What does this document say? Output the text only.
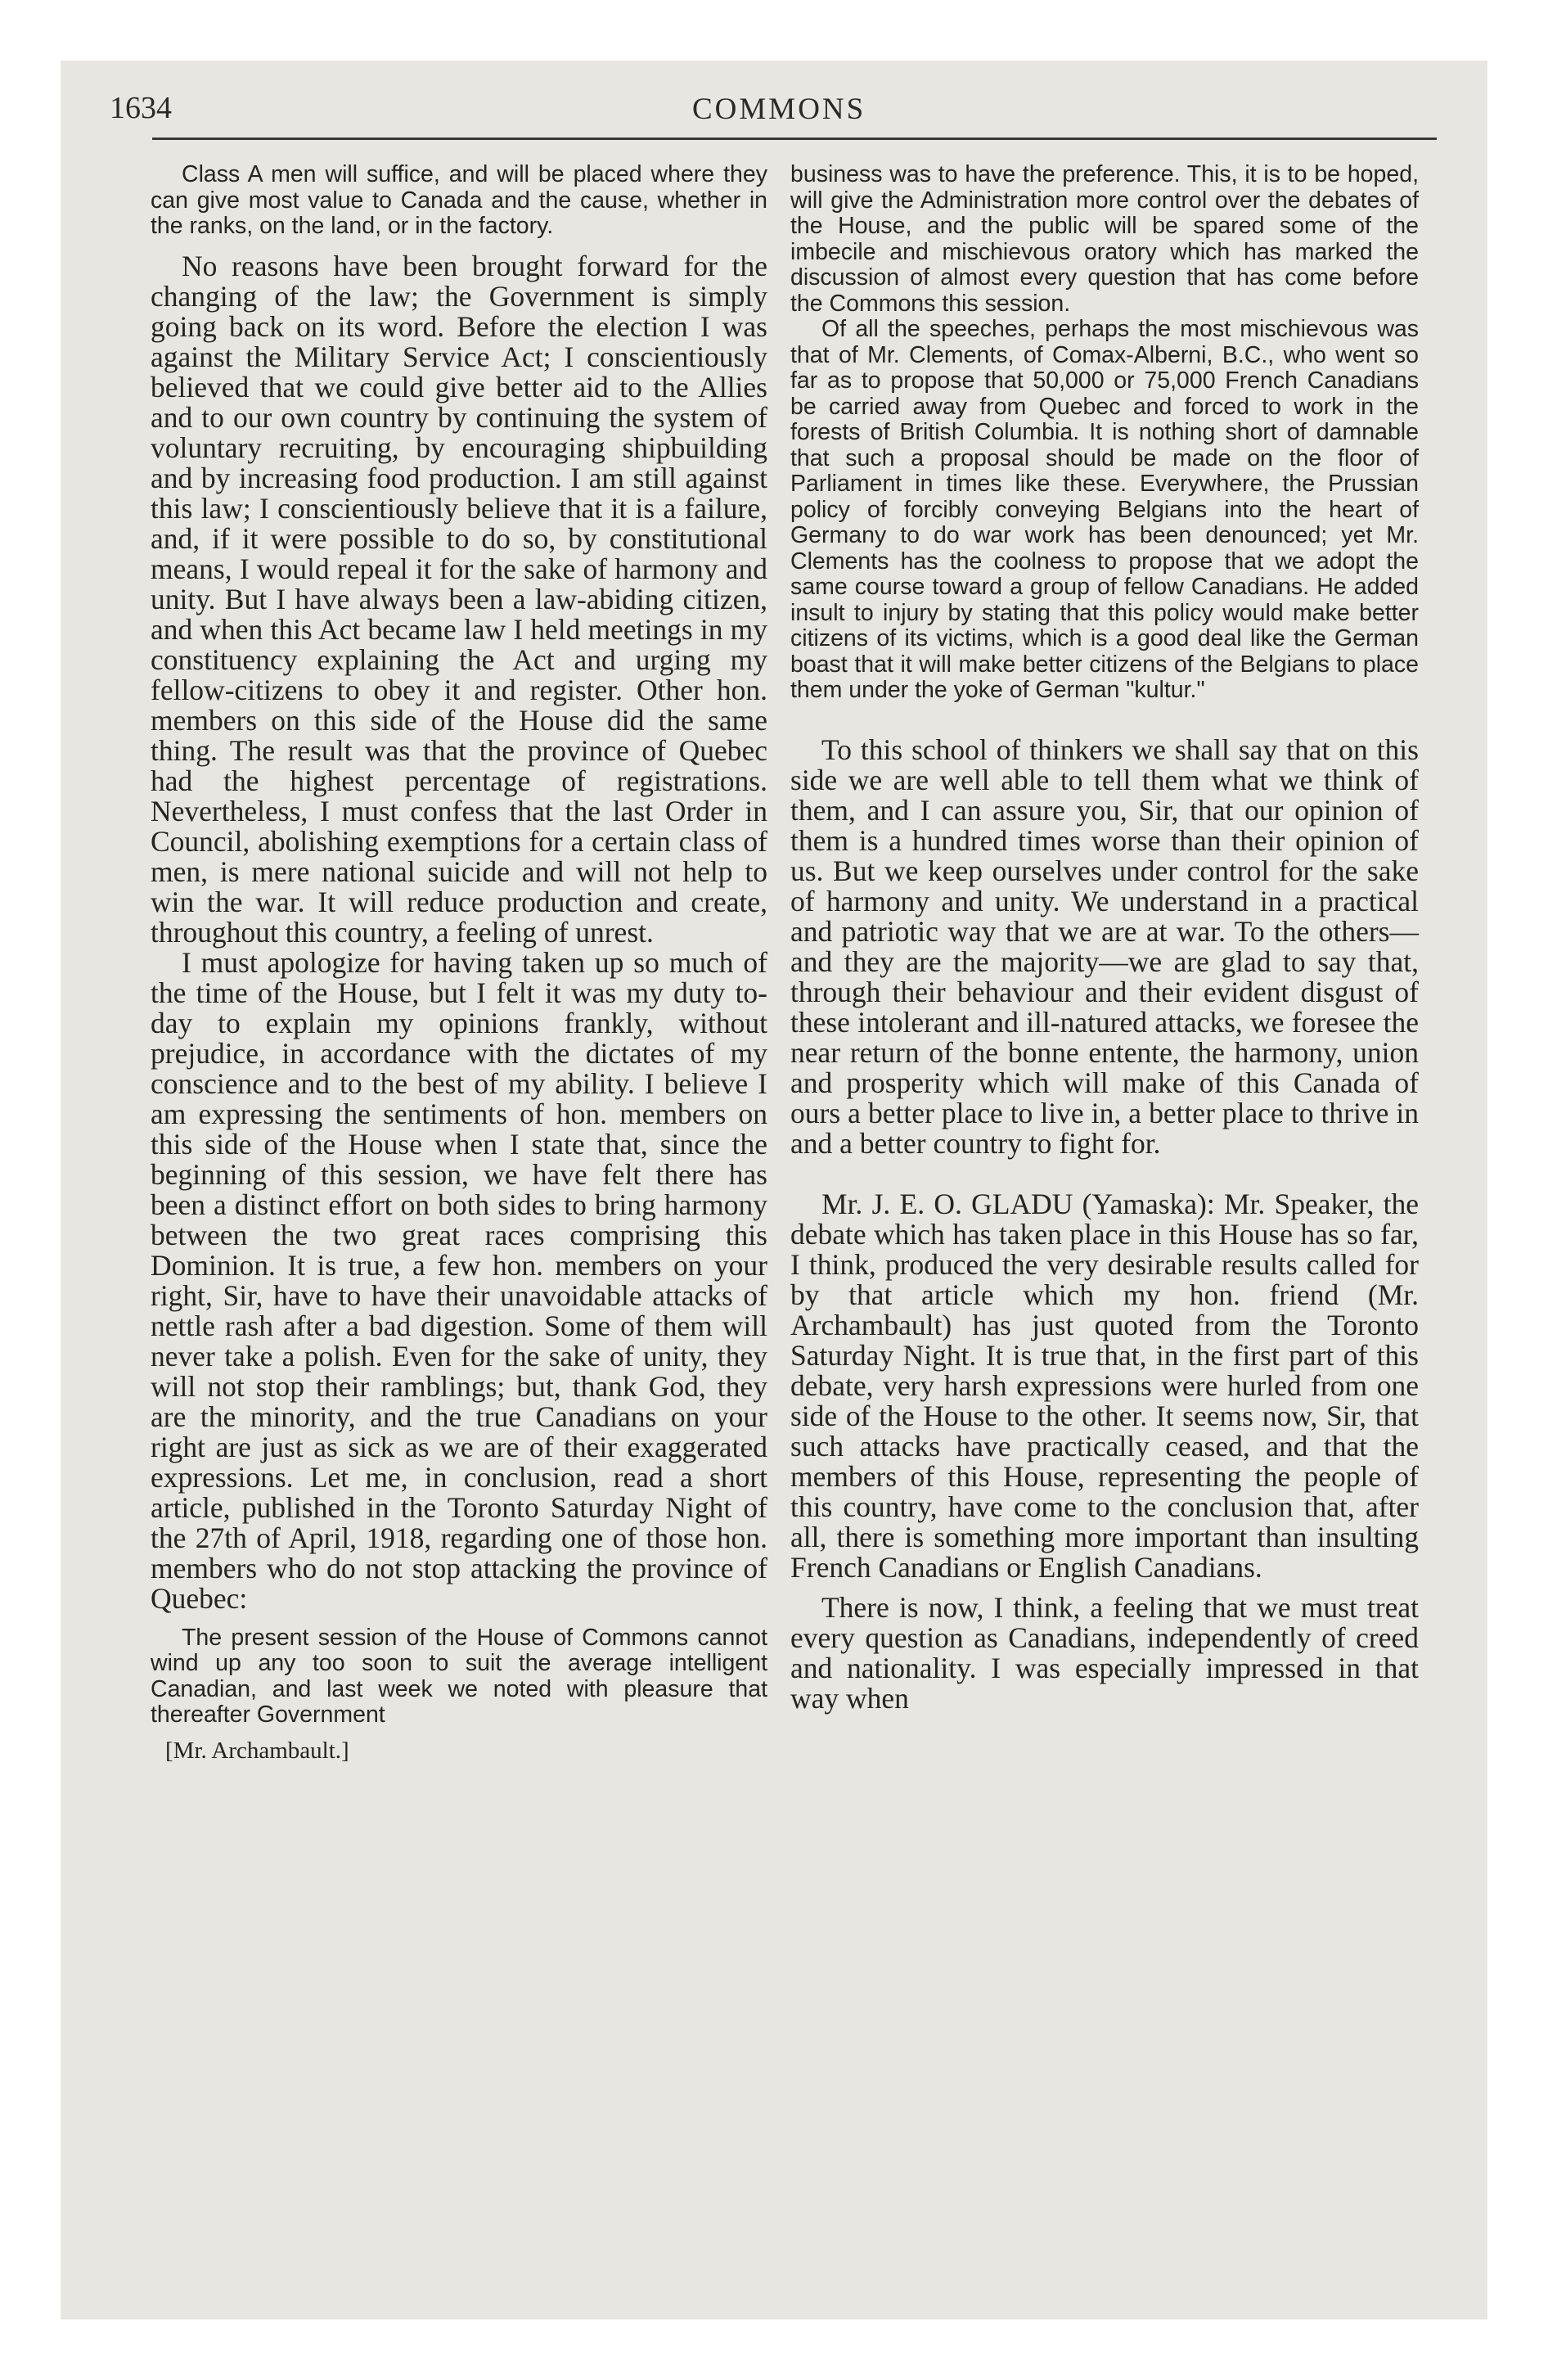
1634	COMMONS

Class A men will suffice, and will be placed where they can give most value to Canada and the cause, whether in the ranks, on the land, or in the factory.

No reasons have been brought forward for the changing of the law; the Government is simply going back on its word. Before the election I was against the Military Service Act; I conscientiously believed that we could give better aid to the Allies and to our own country by continuing the system of voluntary recruiting, by encouraging shipbuilding and by increasing food production. I am still against this law; I conscientiously believe that it is a failure, and, if it were possible to do so, by constitutional means, I would repeal it for the sake of harmony and unity. But I have always been a law-abiding citizen, and when this Act became law I held meetings in my constituency explaining the Act and urging my fellow-citizens to obey it and register. Other hon. members on this side of the House did the same thing. The result was that the province of Quebec had the highest percentage of registrations. Nevertheless, I must confess that the last Order in Council, abolishing exemptions for a certain class of men, is mere national suicide and will not help to win the war. It will reduce production and create, throughout this country, a feeling of unrest.

I must apologize for having taken up so much of the time of the House, but I felt it was my duty to-day to explain my opinions frankly, without prejudice, in accordance with the dictates of my conscience and to the best of my ability. I believe I am expressing the sentiments of hon. members on this side of the House when I state that, since the beginning of this session, we have felt there has been a distinct effort on both sides to bring harmony between the two great races comprising this Dominion. It is true, a few hon. members on your right, Sir, have to have their unavoidable attacks of nettle rash after a bad digestion. Some of them will never take a polish. Even for the sake of unity, they will not stop their ramblings; but, thank God, they are the minority, and the true Canadians on your right are just as sick as we are of their exaggerated expressions. Let me, in conclusion, read a short article, published in the Toronto Saturday Night of the 27th of April, 1918, regarding one of those hon. members who do not stop attacking the province of Quebec:

The present session of the House of Commons cannot wind up any too soon to suit the average intelligent Canadian, and last week we noted with pleasure that thereafter Government

[Mr. Archambault.]

business was to have the preference. This, it is to be hoped, will give the Administration more control over the debates of the House, and the public will be spared some of the imbecile and mischievous oratory which has marked the discussion of almost every question that has come before the Commons this session.

Of all the speeches, perhaps the most mischievous was that of Mr. Clements, of Comax-Alberni, B.C., who went so far as to propose that 50,000 or 75,000 French Canadians be carried away from Quebec and forced to work in the forests of British Columbia. It is nothing short of damnable that such a proposal should be made on the floor of Parliament in times like these. Everywhere, the Prussian policy of forcibly conveying Belgians into the heart of Germany to do war work has been denounced; yet Mr. Clements has the coolness to propose that we adopt the same course toward a group of fellow Canadians. He added insult to injury by stating that this policy would make better citizens of its victims, which is a good deal like the German boast that it will make better citizens of the Belgians to place them under the yoke of German "kultur."

To this school of thinkers we shall say that on this side we are well able to tell them what we think of them, and I can assure you, Sir, that our opinion of them is a hundred times worse than their opinion of us. But we keep ourselves under control for the sake of harmony and unity. We understand in a practical and patriotic way that we are at war. To the others—and they are the majority—we are glad to say that, through their behaviour and their evident disgust of these intolerant and ill-natured attacks, we foresee the near return of the bonne entente, the harmony, union and prosperity which will make of this Canada of ours a better place to live in, a better place to thrive in and a better country to fight for.

Mr. J. E. O. GLADU (Yamaska): Mr. Speaker, the debate which has taken place in this House has so far, I think, produced the very desirable results called for by that article which my hon. friend (Mr. Archambault) has just quoted from the Toronto Saturday Night. It is true that, in the first part of this debate, very harsh expressions were hurled from one side of the House to the other. It seems now, Sir, that such attacks have practically ceased, and that the members of this House, representing the people of this country, have come to the conclusion that, after all, there is something more important than insulting French Canadians or English Canadians.

There is now, I think, a feeling that we must treat every question as Canadians, independently of creed and nationality. I was especially impressed in that way when
